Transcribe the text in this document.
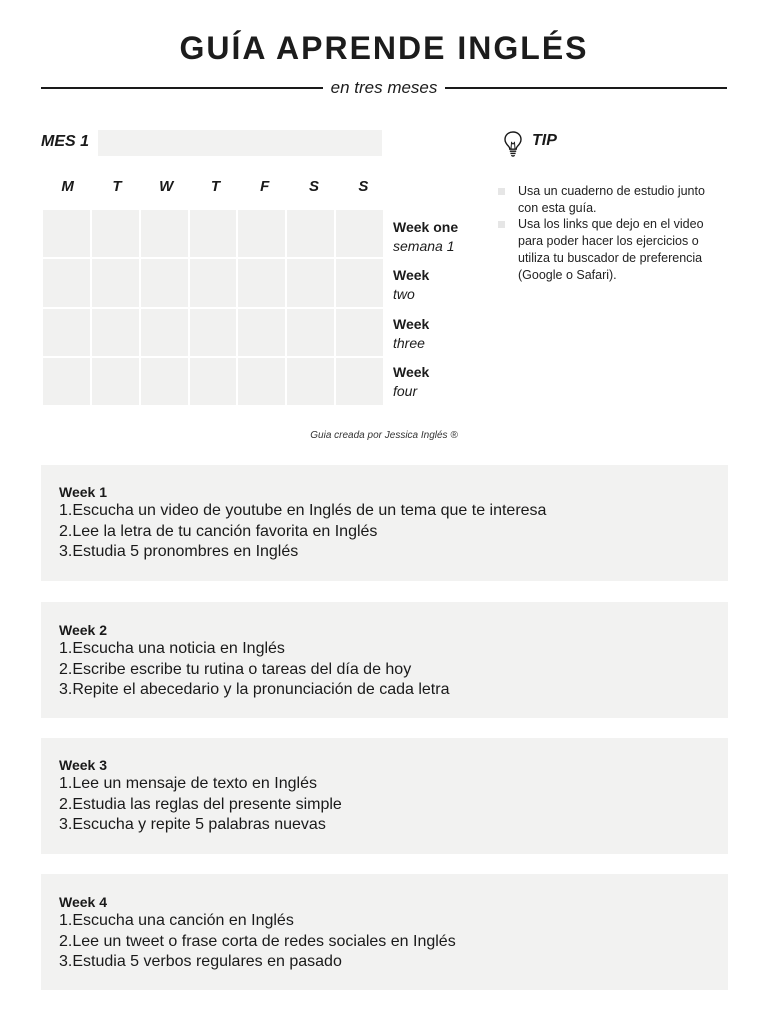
GUÍA APRENDE INGLÉS
en tres meses
MES 1
M	T	W	T	F	S	S
Week one
semana 1
Week
two
Week
three
Week
four
TIP
Usa un cuaderno de estudio junto con esta guía.
Usa los links que dejo en el video para poder hacer los ejercicios o utiliza tu buscador de preferencia (Google o Safari).
Guia creada por Jessica Inglés ®
Week 1
1.Escucha un video de youtube en Inglés de un tema que te interesa
2.Lee la letra de tu canción favorita en Inglés
3.Estudia 5 pronombres en Inglés
Week 2
1.Escucha una noticia en Inglés
2.Escribe escribe tu rutina o tareas del día de hoy
3.Repite el abecedario y la pronunciación de cada letra
Week 3
1.Lee un mensaje de texto en Inglés
2.Estudia las reglas del presente simple
3.Escucha y repite 5 palabras nuevas
Week 4
1.Escucha una canción en Inglés
2.Lee un tweet o frase corta de redes sociales en Inglés
3.Estudia 5 verbos regulares en pasado
